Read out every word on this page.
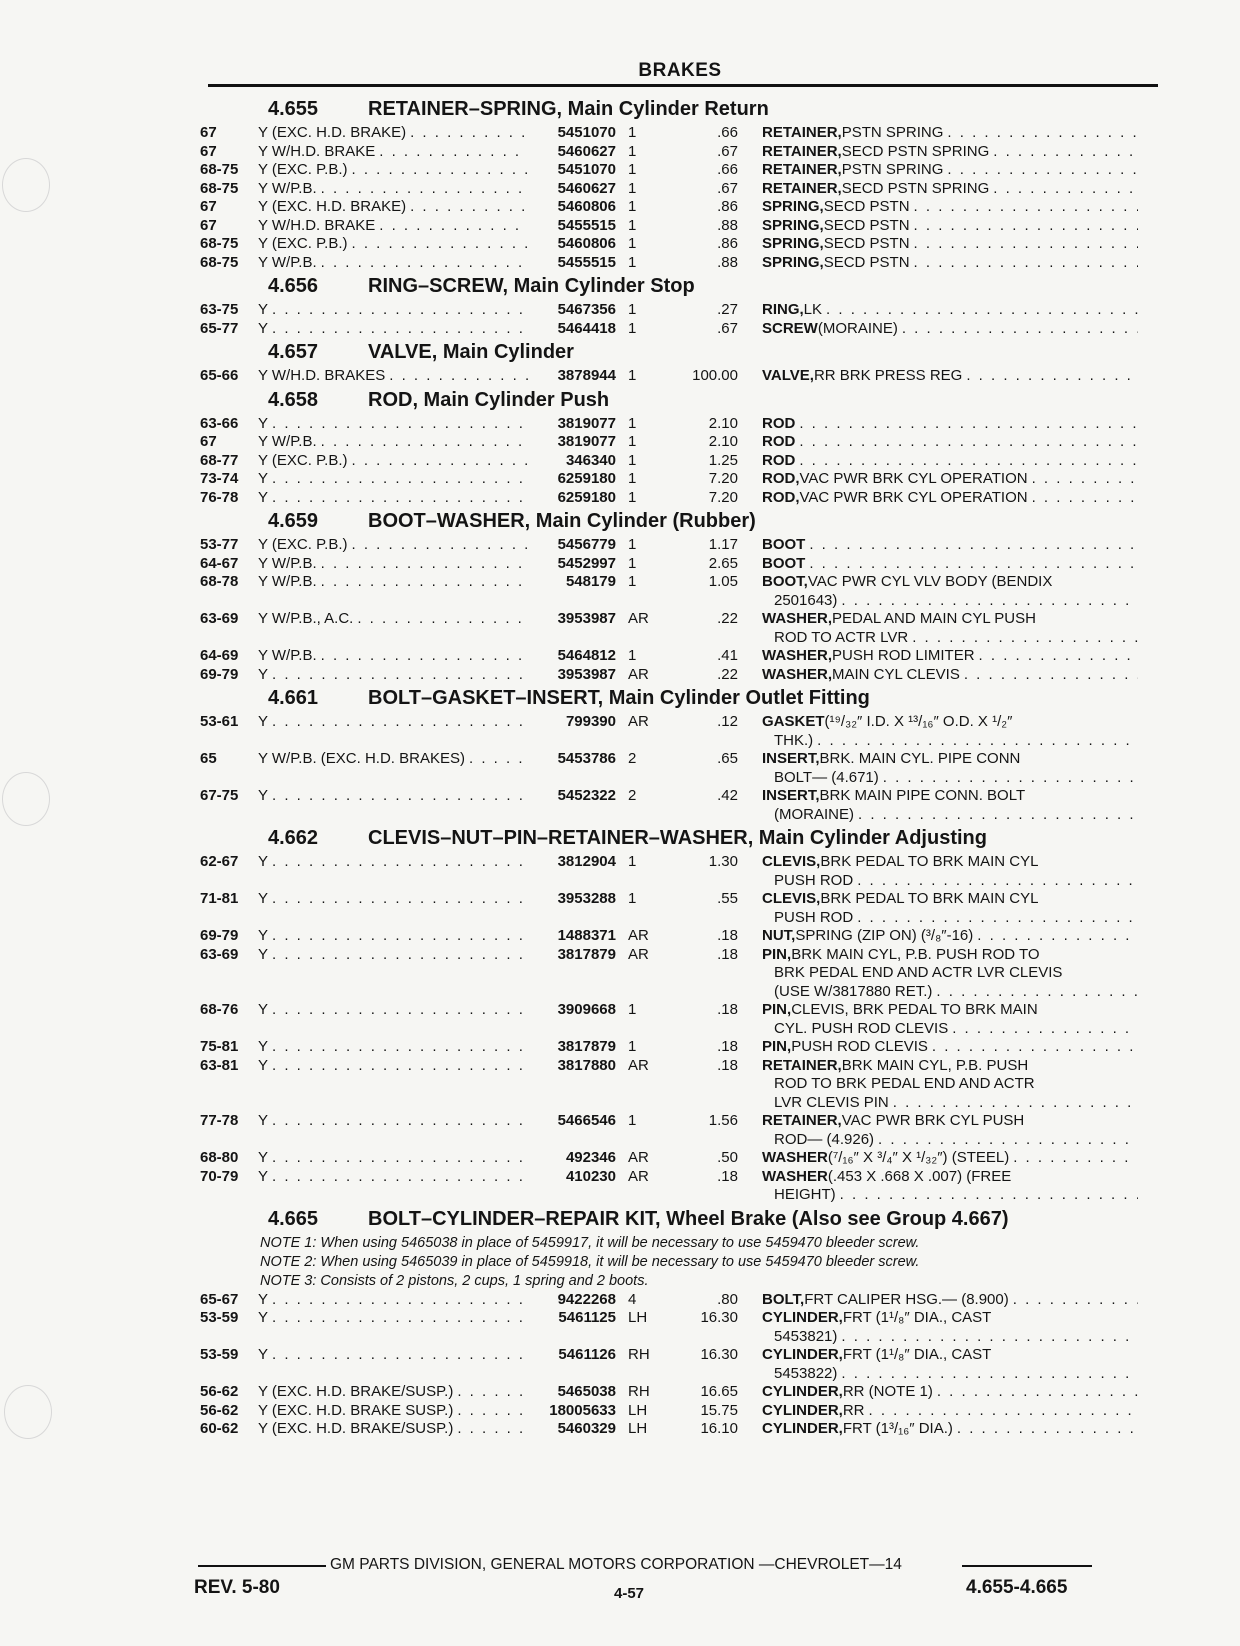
BRAKES
4.655	RETAINER–SPRING, Main Cylinder Return
67	Y (EXC. H.D. BRAKE) . . .	5451070 1	.66 RETAINER, PSTN SPRING
. . .
67	Y W/H.D. BRAKE . . .	5460627 1	.67 RETAINER, SECD PSTN SPRING
. . .
68-75	Y (EXC. P.B.) . . .	5451070 1	.66 RETAINER, PSTN SPRING
. . .
68-75	Y W/P.B. . . .	5460627 1	.67 RETAINER, SECD PSTN SPRING
. . .
67	Y (EXC. H.D. BRAKE) . . .	5460806 1	.86 SPRING, SECD PSTN
. . .
67	Y W/H.D. BRAKE . . .	5455515 1	.88 SPRING, SECD PSTN
. . .
68-75	Y (EXC. P.B.) . . .	5460806 1	.86 SPRING, SECD PSTN
. . .
68-75	Y W/P.B. . . .	5455515 1	.88 SPRING, SECD PSTN
. . .
4.656	RING–SCREW, Main Cylinder Stop
63-75	Y . . .	5467356 1	.27 RING, LK
. . .
65-77	Y . . .	5464418 1	.67 SCREW (MORAINE)
. . .
4.657	VALVE, Main Cylinder
65-66	Y W/H.D. BRAKES . . .	3878944 1	100.00 VALVE, RR BRK PRESS REG
. . .
4.658	ROD, Main Cylinder Push
63-66	Y . . .	3819077 1	2.10 ROD
. . .
67	Y W/P.B. . . .	3819077 1	2.10 ROD
. . .
68-77	Y (EXC. P.B.) . . .	346340 1	1.25 ROD
. . .
73-74	Y . . .	6259180 1	7.20 ROD, VAC PWR BRK CYL OPERATION
. . .
76-78	Y . . .	6259180 1	7.20 ROD, VAC PWR BRK CYL OPERATION
. . .
4.659	BOOT–WASHER, Main Cylinder (Rubber)
53-77	Y (EXC. P.B.) . . .	5456779 1	1.17 BOOT
. . .
64-67	Y W/P.B. . . .	5452997 1	2.65 BOOT
. . .
68-78	Y W/P.B. . . .	548179 1	1.05 BOOT, VAC PWR CYL VLV BODY (BENDIX
2501643)
. . .
63-69	Y W/P.B., A.C. . . .	3953987 AR	.22 WASHER, PEDAL AND MAIN CYL PUSH
ROD TO ACTR LVR
. . .
64-69	Y W/P.B. . . .	5464812 1	.41 WASHER, PUSH ROD LIMITER
. . .
69-79	Y . . .	3953987 AR	.22 WASHER, MAIN CYL CLEVIS
. . .
4.661	BOLT–GASKET–INSERT, Main Cylinder Outlet Fitting
53-61	Y . . .	799390 AR	.12 GASKET (¹⁹/₃₂″ I.D. X ¹³/₁₆″ O.D. X ¹/₂″
THK.)
. . .
65	Y W/P.B. (EXC. H.D. BRAKES) . . .	5453786 2	.65 INSERT, BRK. MAIN CYL. PIPE CONN
BOLT— (4.671)
. . .
67-75	Y . . .	5452322 2	.42 INSERT, BRK MAIN PIPE CONN. BOLT
(MORAINE)
. . .
4.662	CLEVIS–NUT–PIN–RETAINER–WASHER, Main Cylinder Adjusting
62-67	Y . . .	3812904 1	1.30 CLEVIS, BRK PEDAL TO BRK MAIN CYL
PUSH ROD
. . .
71-81	Y . . .	3953288 1	.55 CLEVIS, BRK PEDAL TO BRK MAIN CYL
PUSH ROD
. . .
69-79	Y . . .	1488371 AR	.18 NUT, SPRING (ZIP ON) (³/₈″-16)
. . .
63-69	Y . . .	3817879 AR	.18 PIN, BRK MAIN CYL, P.B. PUSH ROD TO
BRK PEDAL END AND ACTR LVR CLEVIS
(USE W/3817880 RET.)
. . .
68-76	Y . . .	3909668 1	.18 PIN, CLEVIS, BRK PEDAL TO BRK MAIN
CYL. PUSH ROD CLEVIS
. . .
75-81	Y . . .	3817879 1	.18 PIN, PUSH ROD CLEVIS
. . .
63-81	Y . . .	3817880 AR	.18 RETAINER, BRK MAIN CYL, P.B. PUSH
ROD TO BRK PEDAL END AND ACTR
LVR CLEVIS PIN
. . .
77-78	Y . . .	5466546 1	1.56 RETAINER, VAC PWR BRK CYL PUSH
ROD— (4.926)
. . .
68-80	Y . . .	492346 AR	.50 WASHER (⁷/₁₆″ X ³/₄″ X ¹/₃₂″) (STEEL)
. . .
70-79	Y . . .	410230 AR	.18 WASHER (.453 X .668 X .007) (FREE
HEIGHT)
. . .
4.665	BOLT–CYLINDER–REPAIR KIT, Wheel Brake (Also see Group 4.667)
NOTE 1: When using 5465038 in place of 5459917, it will be necessary to use 5459470 bleeder screw.
NOTE 2: When using 5465039 in place of 5459918, it will be necessary to use 5459470 bleeder screw.
NOTE 3: Consists of 2 pistons, 2 cups, 1 spring and 2 boots.
65-67	Y . . .	9422268 4	.80 BOLT, FRT CALIPER HSG.— (8.900)
. . .
53-59	Y . . .	5461125 LH	16.30 CYLINDER, FRT (1¹/₈″ DIA., CAST
5453821)
. . .
53-59	Y . . .	5461126 RH	16.30 CYLINDER, FRT (1¹/₈″ DIA., CAST
5453822)
. . .
56-62	Y (EXC. H.D. BRAKE/SUSP.) . . .	5465038 RH	16.65 CYLINDER, RR (NOTE 1)
. . .
56-62	Y (EXC. H.D. BRAKE SUSP.) . . .	18005633 LH	15.75 CYLINDER, RR
. . .
60-62	Y (EXC. H.D. BRAKE/SUSP.) . . .	5460329 LH	16.10 CYLINDER, FRT (1³/₁₆″ DIA.)
. . .
GM PARTS DIVISION, GENERAL MOTORS CORPORATION —CHEVROLET—14
REV. 5-80	4-57	4.655-4.665
